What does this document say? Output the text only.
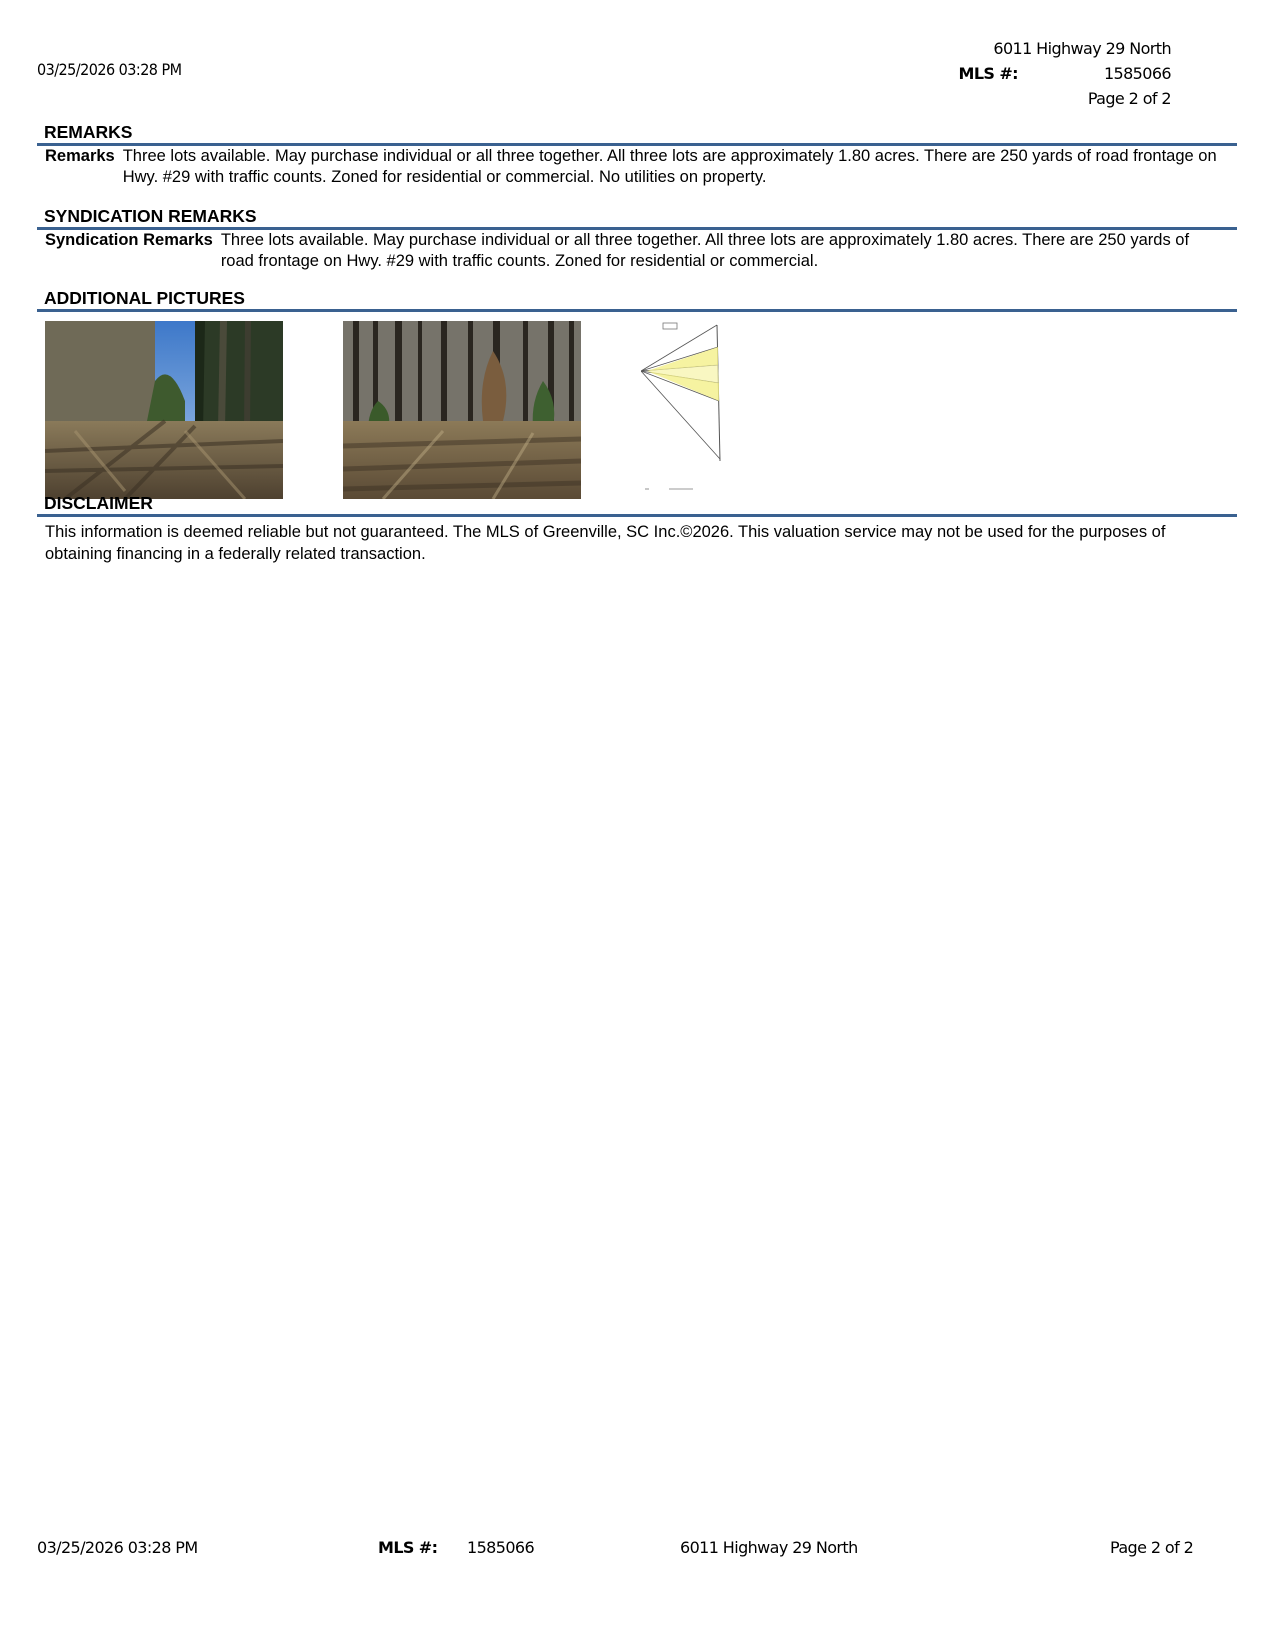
03/25/2026 03:28 PM
6011 Highway 29 North
MLS #:	1585066
Page 2 of 2
REMARKS
Remarks Three lots available. May purchase individual or all three together. All three lots are approximately 1.80 acres. There are 250 yards of road frontage on Hwy. #29 with traffic counts. Zoned for residential or commercial. No utilities on property.
SYNDICATION REMARKS
Syndication Remarks Three lots available. May purchase individual or all three together. All three lots are approximately 1.80 acres. There are 250 yards of road frontage on Hwy. #29 with traffic counts. Zoned for residential or commercial.
ADDITIONAL PICTURES
DISCLAIMER
This information is deemed reliable but not guaranteed. The MLS of Greenville, SC Inc.©2026. This valuation service may not be used for the purposes of obtaining financing in a federally related transaction.
03/25/2026 03:28 PM	MLS #: 1585066	6011 Highway 29 North	Page 2 of 2
